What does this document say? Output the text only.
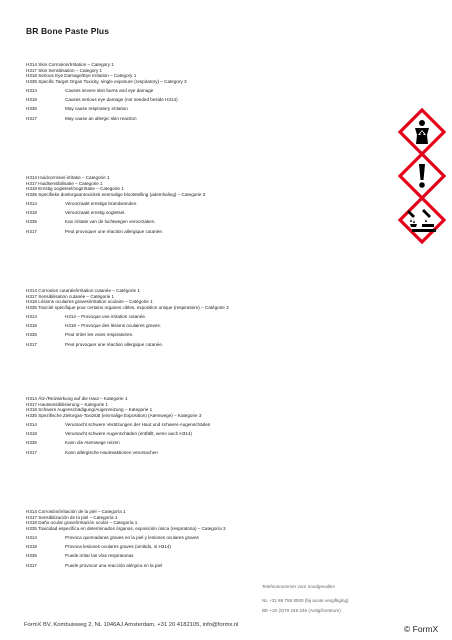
BR Bone Paste Plus
H314 Skin Corrosion/Irritation – Category 1
H317 Skin Sensitisation – Category 1
H318 Serious Eye Damage/Eye Irritation – Category 1
H335 Specific Target Organ Toxicity, single exposure (respiratory) – Category 3
H314	Causes severe skin burns and eye damage
H318	Causes serious eye damage (not needed beside H314)
H335	May cause respiratory irritation
H317	May cause an allergic skin reaction
H314 Huidcorrosie/-irritatie – Categorie 1
H317 Huidsensibilisatie – Categorie 1
H318 Ernstig oogletsel/oogirritatie – Categorie 1
H335 Specifieke doelorgaantoxiciteit eenmalige blootstelling (ademhaling) – Categorie 3
H314	Veroorzaakt ernstige brandwonden.
H318	Veroorzaakt ernstig oogletsel.
H335	Kan irritatie van de luchtwegen veroorzaken.
H317	Peut provoquer une réaction allergique cutanée.
H314 Corrosion cutanée/irritation cutanée – Catégorie 1
H317 Sensibilisation cutanée – Catégorie 1
H318 Lésions oculaires graves/irritation oculaire – Catégorie 1
H335 Toxicité spécifique pour certains organes cibles, exposition unique (respiratoire) – Catégorie 3
H314	H314 – Provoque une irritation cutanée.
H318	H318 – Provoque des lésions oculaires graves.
H335	Peut irriter les voies respiratoires.
H317	Peut provoquer une réaction allergique cutanée.
H314 Ätz-/Reizwirkung auf die Haut – Kategorie 1
H317 Hautsensibilisierung – Kategorie 1
H318 Schwere Augenschädigung/Augenreizung – Kategorie 1
H335 Spezifische Zielorgan-Toxizität (einmalige Exposition) (Atemwege) – Kategorie 3
H314	Verursacht schwere Verätzungen der Haut und schwere Augenschäden
H318	Verursacht schwere Augenschäden (entfällt, wenn auch H314)
H335	Kann die Atemwege reizen
H317	Kann allergische Hautreaktionen verursachen
H314 Corrosión/irritación de la piel – Categoría 1
H317 Sensibilización de la piel – Categoría 1
H318 Daño ocular grave/irritación ocular – Categoría 1
H335 Toxicidad específica en determinados órganos, exposición única (respiratoria) – Categoría 3
H314	Provoca quemaduras graves en la piel y lesiones oculares graves
H318	Provoca lesiones oculares graves (omitido, si H314)
H335	Puede irritar las vías respiratorias
H317	Puede provocar una reacción alérgica en la piel
Telefoonnummer voor noodgevallen
NL +31 88 755 8000 (bij acute vergiftiging)
BE +32 (0)70 245 245 (Antigifcentrum)
FormX BV, Kombuisweg 2, NL 1046AJ Amsterdam, +31 20 4182105, info@formx.nl	© FormX
